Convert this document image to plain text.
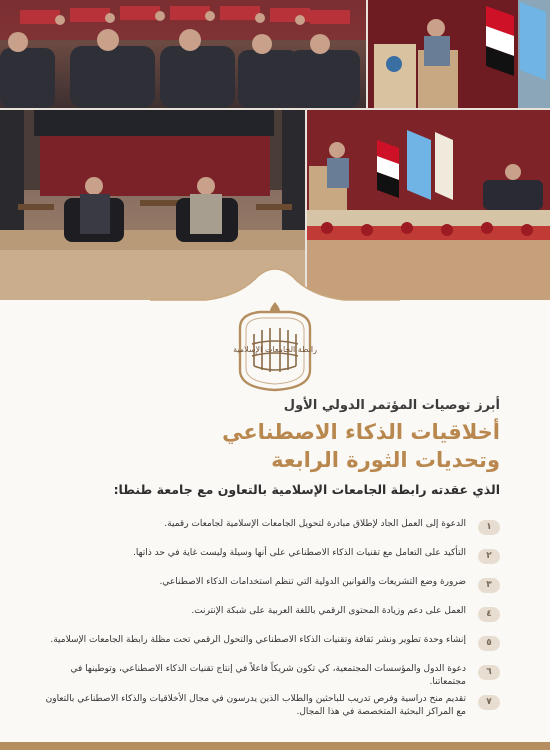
رابطة الجامعات الإسلامية
أبرز توصيات المؤتمر الدولي الأول
أخلاقيات الذكاء الاصطناعي
وتحديات الثورة الرابعة
الذي عقدته رابطة الجامعات الإسلامية بالتعاون مع جامعة طنطا:
١
الدعوة إلى العمل الجاد لإطلاق مبادرة لتحويل الجامعات الإسلامية لجامعات رقمية.
٢
التأكيد على التعامل مع تقنيات الذكاء الاصطناعي على أنها وسيلة وليست غاية في حد ذاتها.
٣
ضرورة وضع التشريعات والقوانين الدولية التي تنظم استخدامات الذكاء الاصطناعي.
٤
العمل على دعم وزيادة المحتوى الرقمي باللغة العربية على شبكة الإنترنت.
٥
إنشاء وحدة تطوير ونشر ثقافة وتقنيات الذكاء الاصطناعي والتحول الرقمي تحت مظلة رابطة الجامعات الإسلامية.
٦
دعوة الدول والمؤسسات المجتمعية، كي تكون شريكاً فاعلاً في إنتاج تقنيات الذكاء الاصطناعي، وتوطينها في مجتمعاتنا.
٧
تقديم منح دراسية وفرص تدريب للباحثين والطلاب الذين يدرسون في مجال الأخلاقيات والذكاء الاصطناعي بالتعاون مع المراكز البحثية المتخصصة في هذا المجال.
